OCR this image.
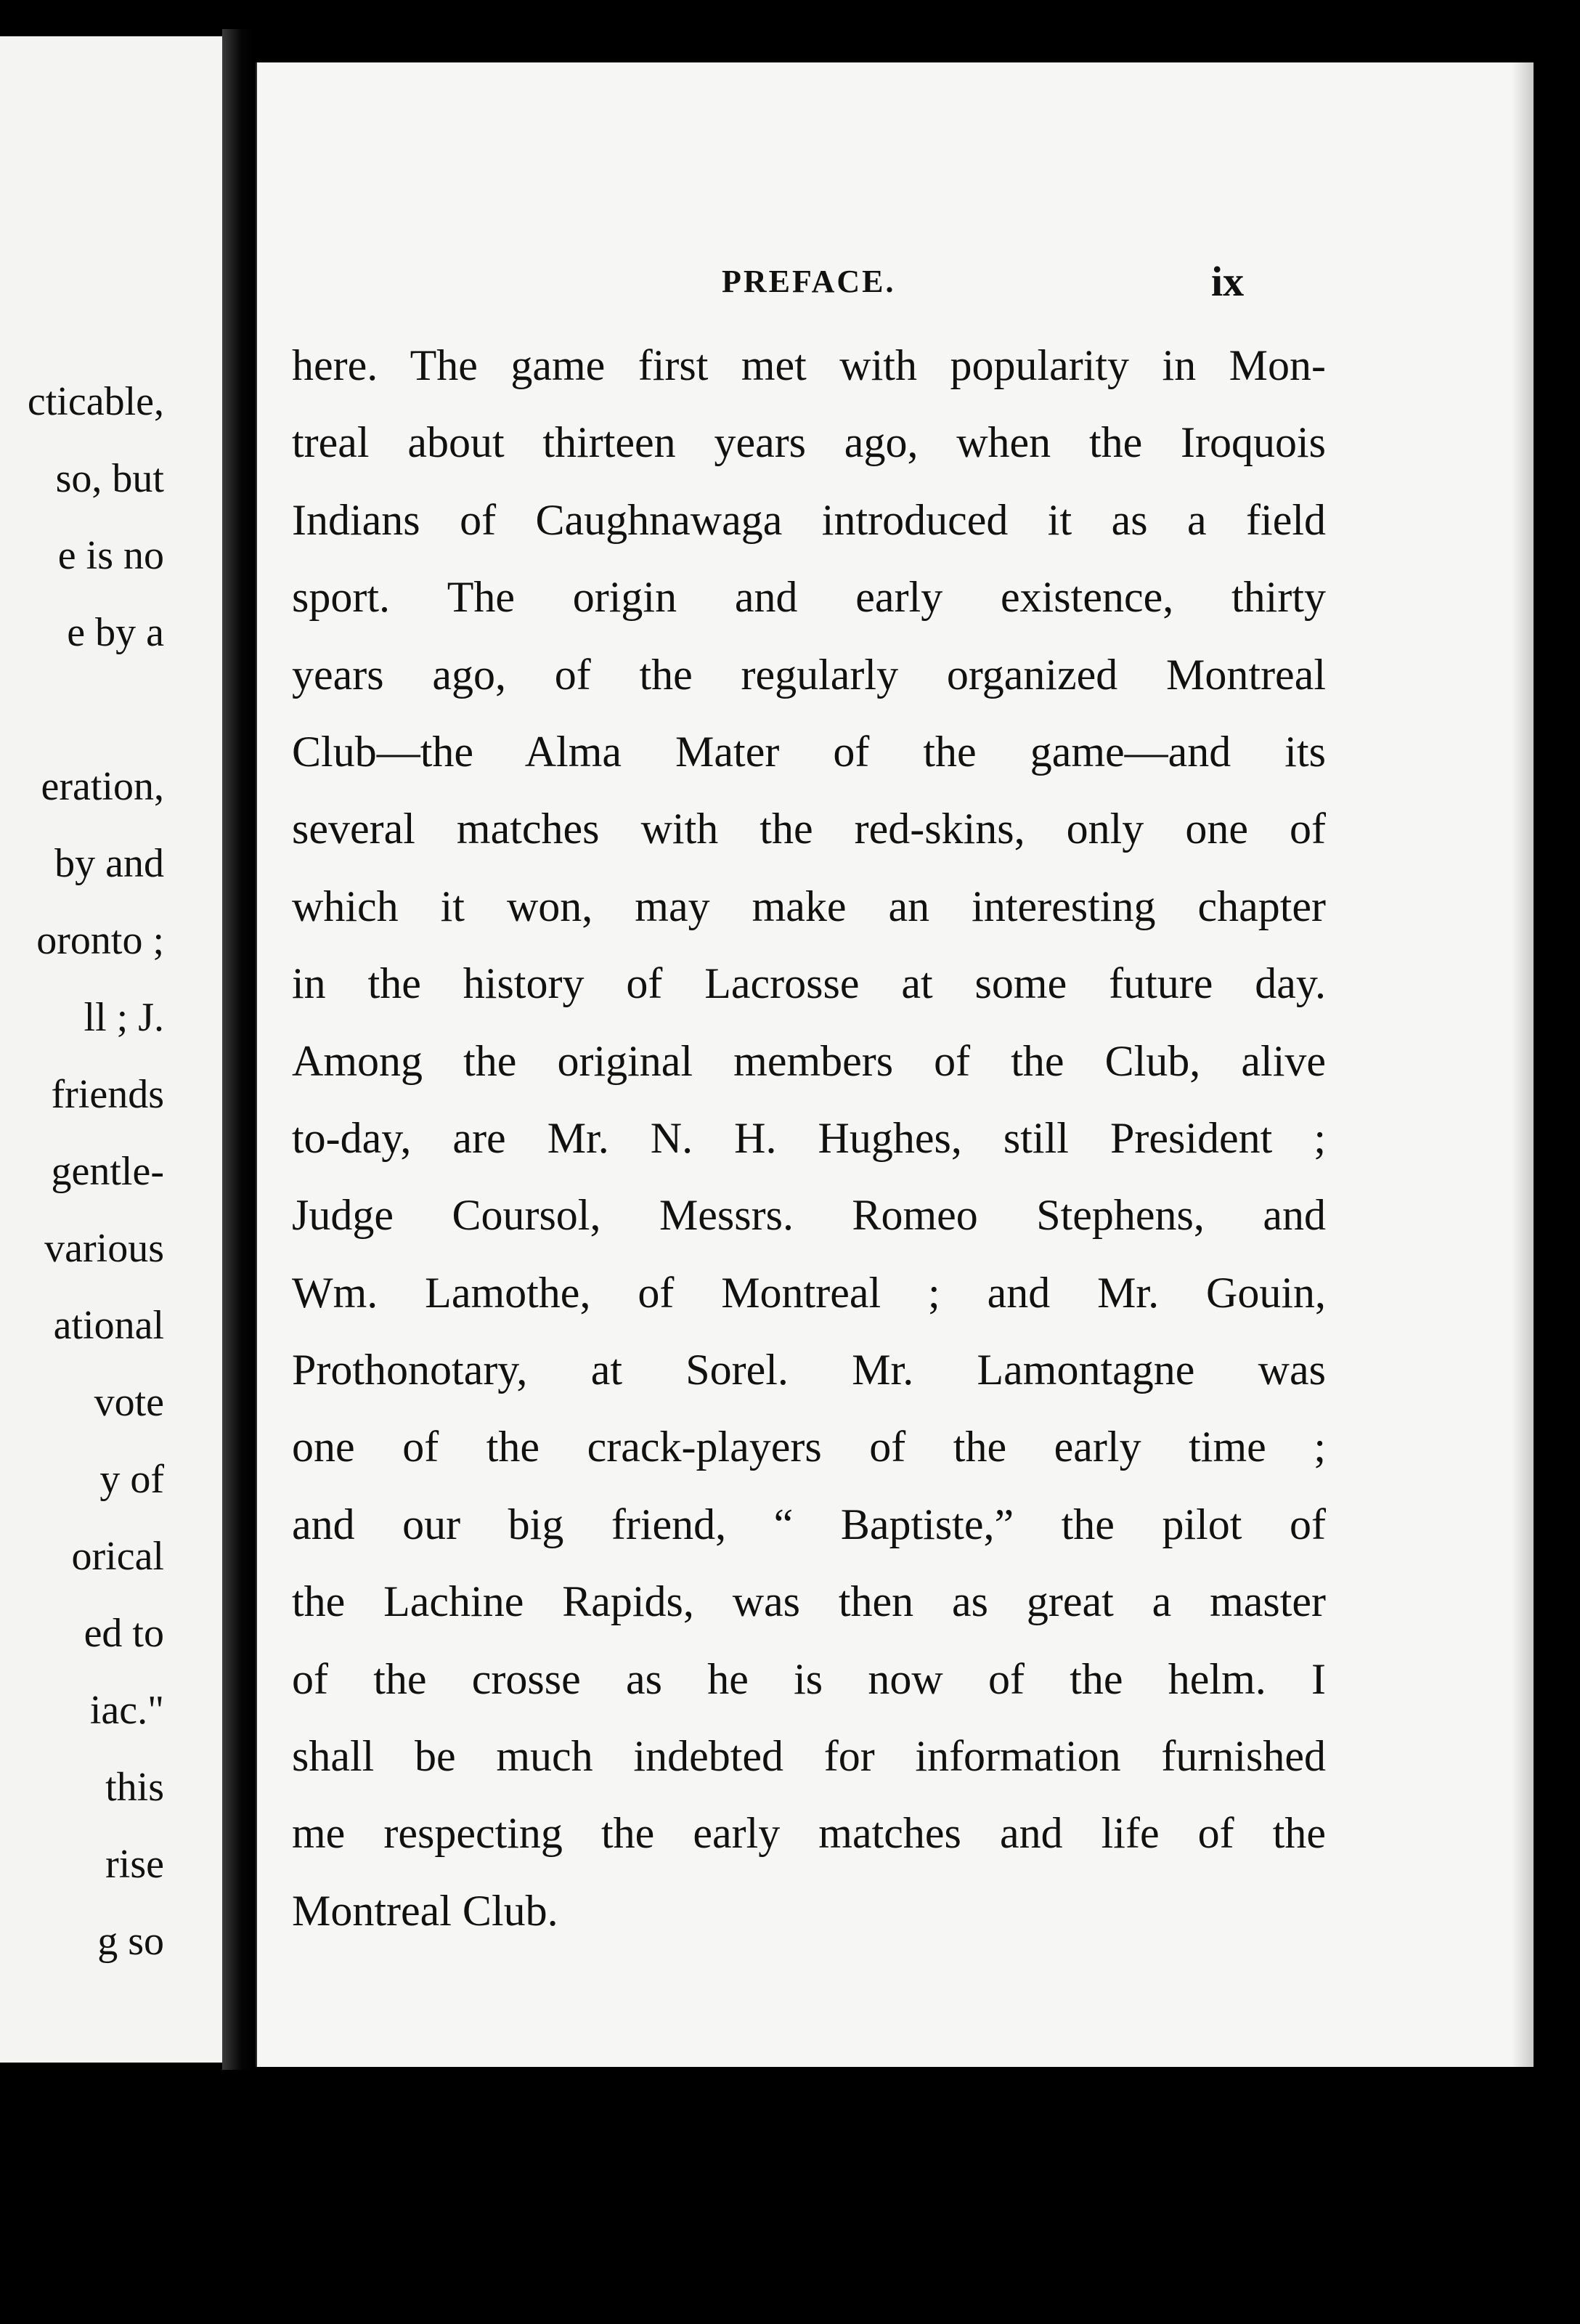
cticable,
so, but
e is no
e by a
eration,
by and
oronto ;
ll ; J.
friends
gentle-
various
ational
vote
y of
orical
ed to
iac."
this
rise
g so
PREFACE.	ix
here. The game first met with popularity in Mon-
treal about thirteen years ago, when the Iroquois
Indians of Caughnawaga introduced it as a field
sport. The origin and early existence, thirty
years ago, of the regularly organized Montreal
Club—the Alma Mater of the game—and its
several matches with the red-skins, only one of
which it won, may make an interesting chapter
in the history of Lacrosse at some future day.
Among the original members of the Club, alive
to-day, are Mr. N. H. Hughes, still President ;
Judge Coursol, Messrs. Romeo Stephens, and
Wm. Lamothe, of Montreal ; and Mr. Gouin,
Prothonotary, at Sorel. Mr. Lamontagne was
one of the crack-players of the early time ;
and our big friend, “ Baptiste,” the pilot of
the Lachine Rapids, was then as great a master
of the crosse as he is now of the helm. I
shall be much indebted for information furnished
me respecting the early matches and life of the
Montreal Club.
